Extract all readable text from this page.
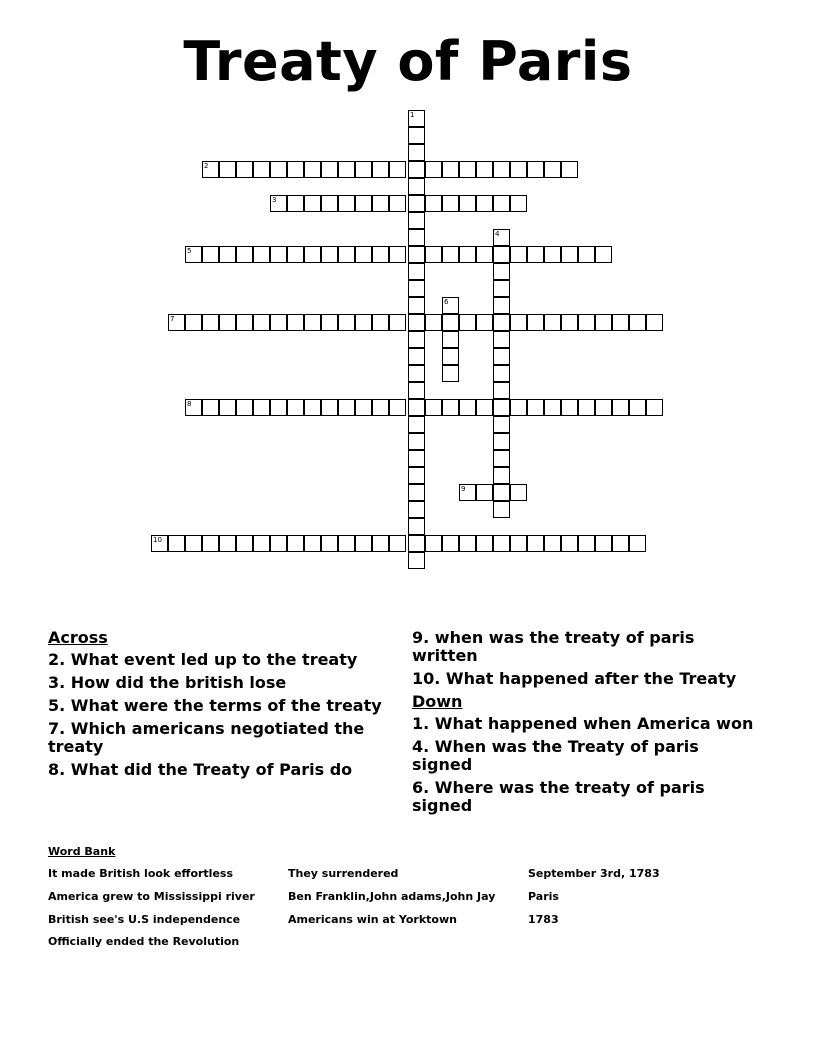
Treaty of Paris
1
2
3
4
5
6
7
8
9
10
Across
2. What event led up to the treaty
3. How did the british lose
5. What were the terms of the treaty
7. Which americans negotiated the treaty
8. What did the Treaty of Paris do
9. when was the treaty of paris written
10. What happened after the Treaty
Down
1. What happened when America won
4. When was the Treaty of paris signed
6. Where was the treaty of paris signed
Word Bank
It made British look effortless	They surrendered	September 3rd, 1783
America grew to Mississippi river	Ben Franklin,John adams,John Jay	Paris
British see's U.S independence	Americans win at Yorktown	1783
Officially ended the Revolution
